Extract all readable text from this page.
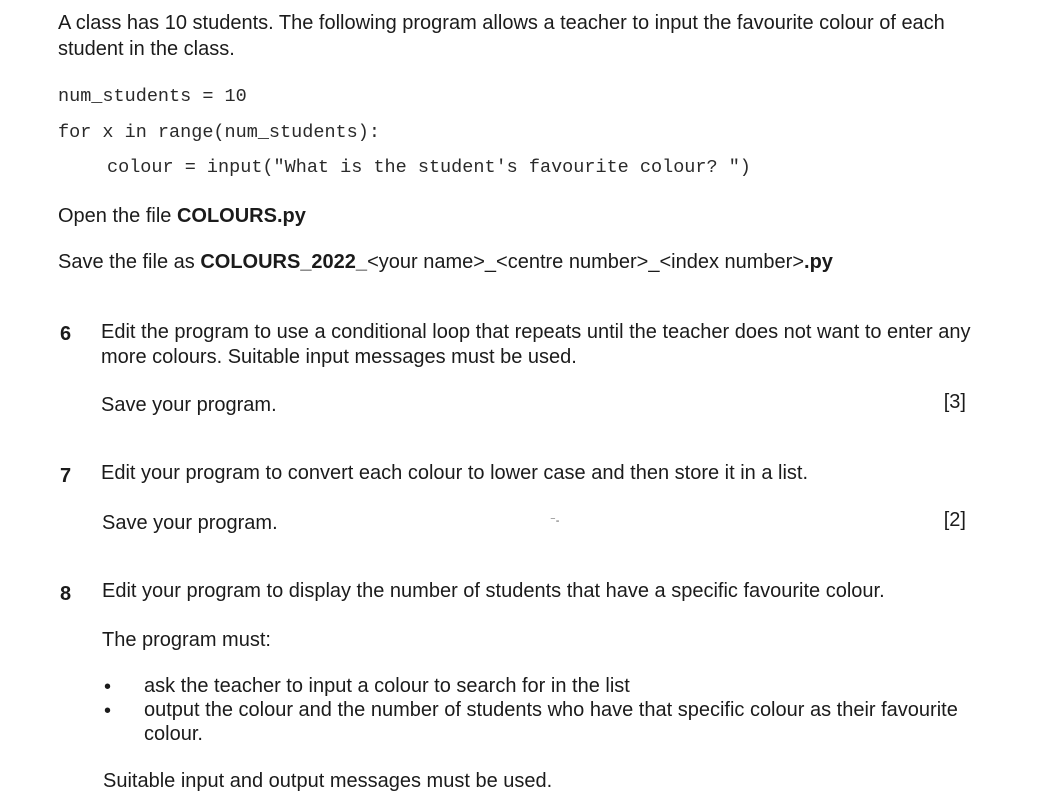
A class has 10 students. The following program allows a teacher to input the favourite colour of each student in the class.
num_students = 10
for x in range(num_students):
colour = input("What is the student's favourite colour? ")
Open the file COLOURS.py
Save the file as COLOURS_2022_<your name>_<centre number>_<index number>.py
6	Edit the program to use a conditional loop that repeats until the teacher does not want to enter any more colours. Suitable input messages must be used.
Save your program.	[3]
7	Edit your program to convert each colour to lower case and then store it in a list.
Save your program.	⁻-	[2]
8	Edit your program to display the number of students that have a specific favourite colour.
The program must:
•	ask the teacher to input a colour to search for in the list
•	output the colour and the number of students who have that specific colour as their favourite colour.
Suitable input and output messages must be used.
